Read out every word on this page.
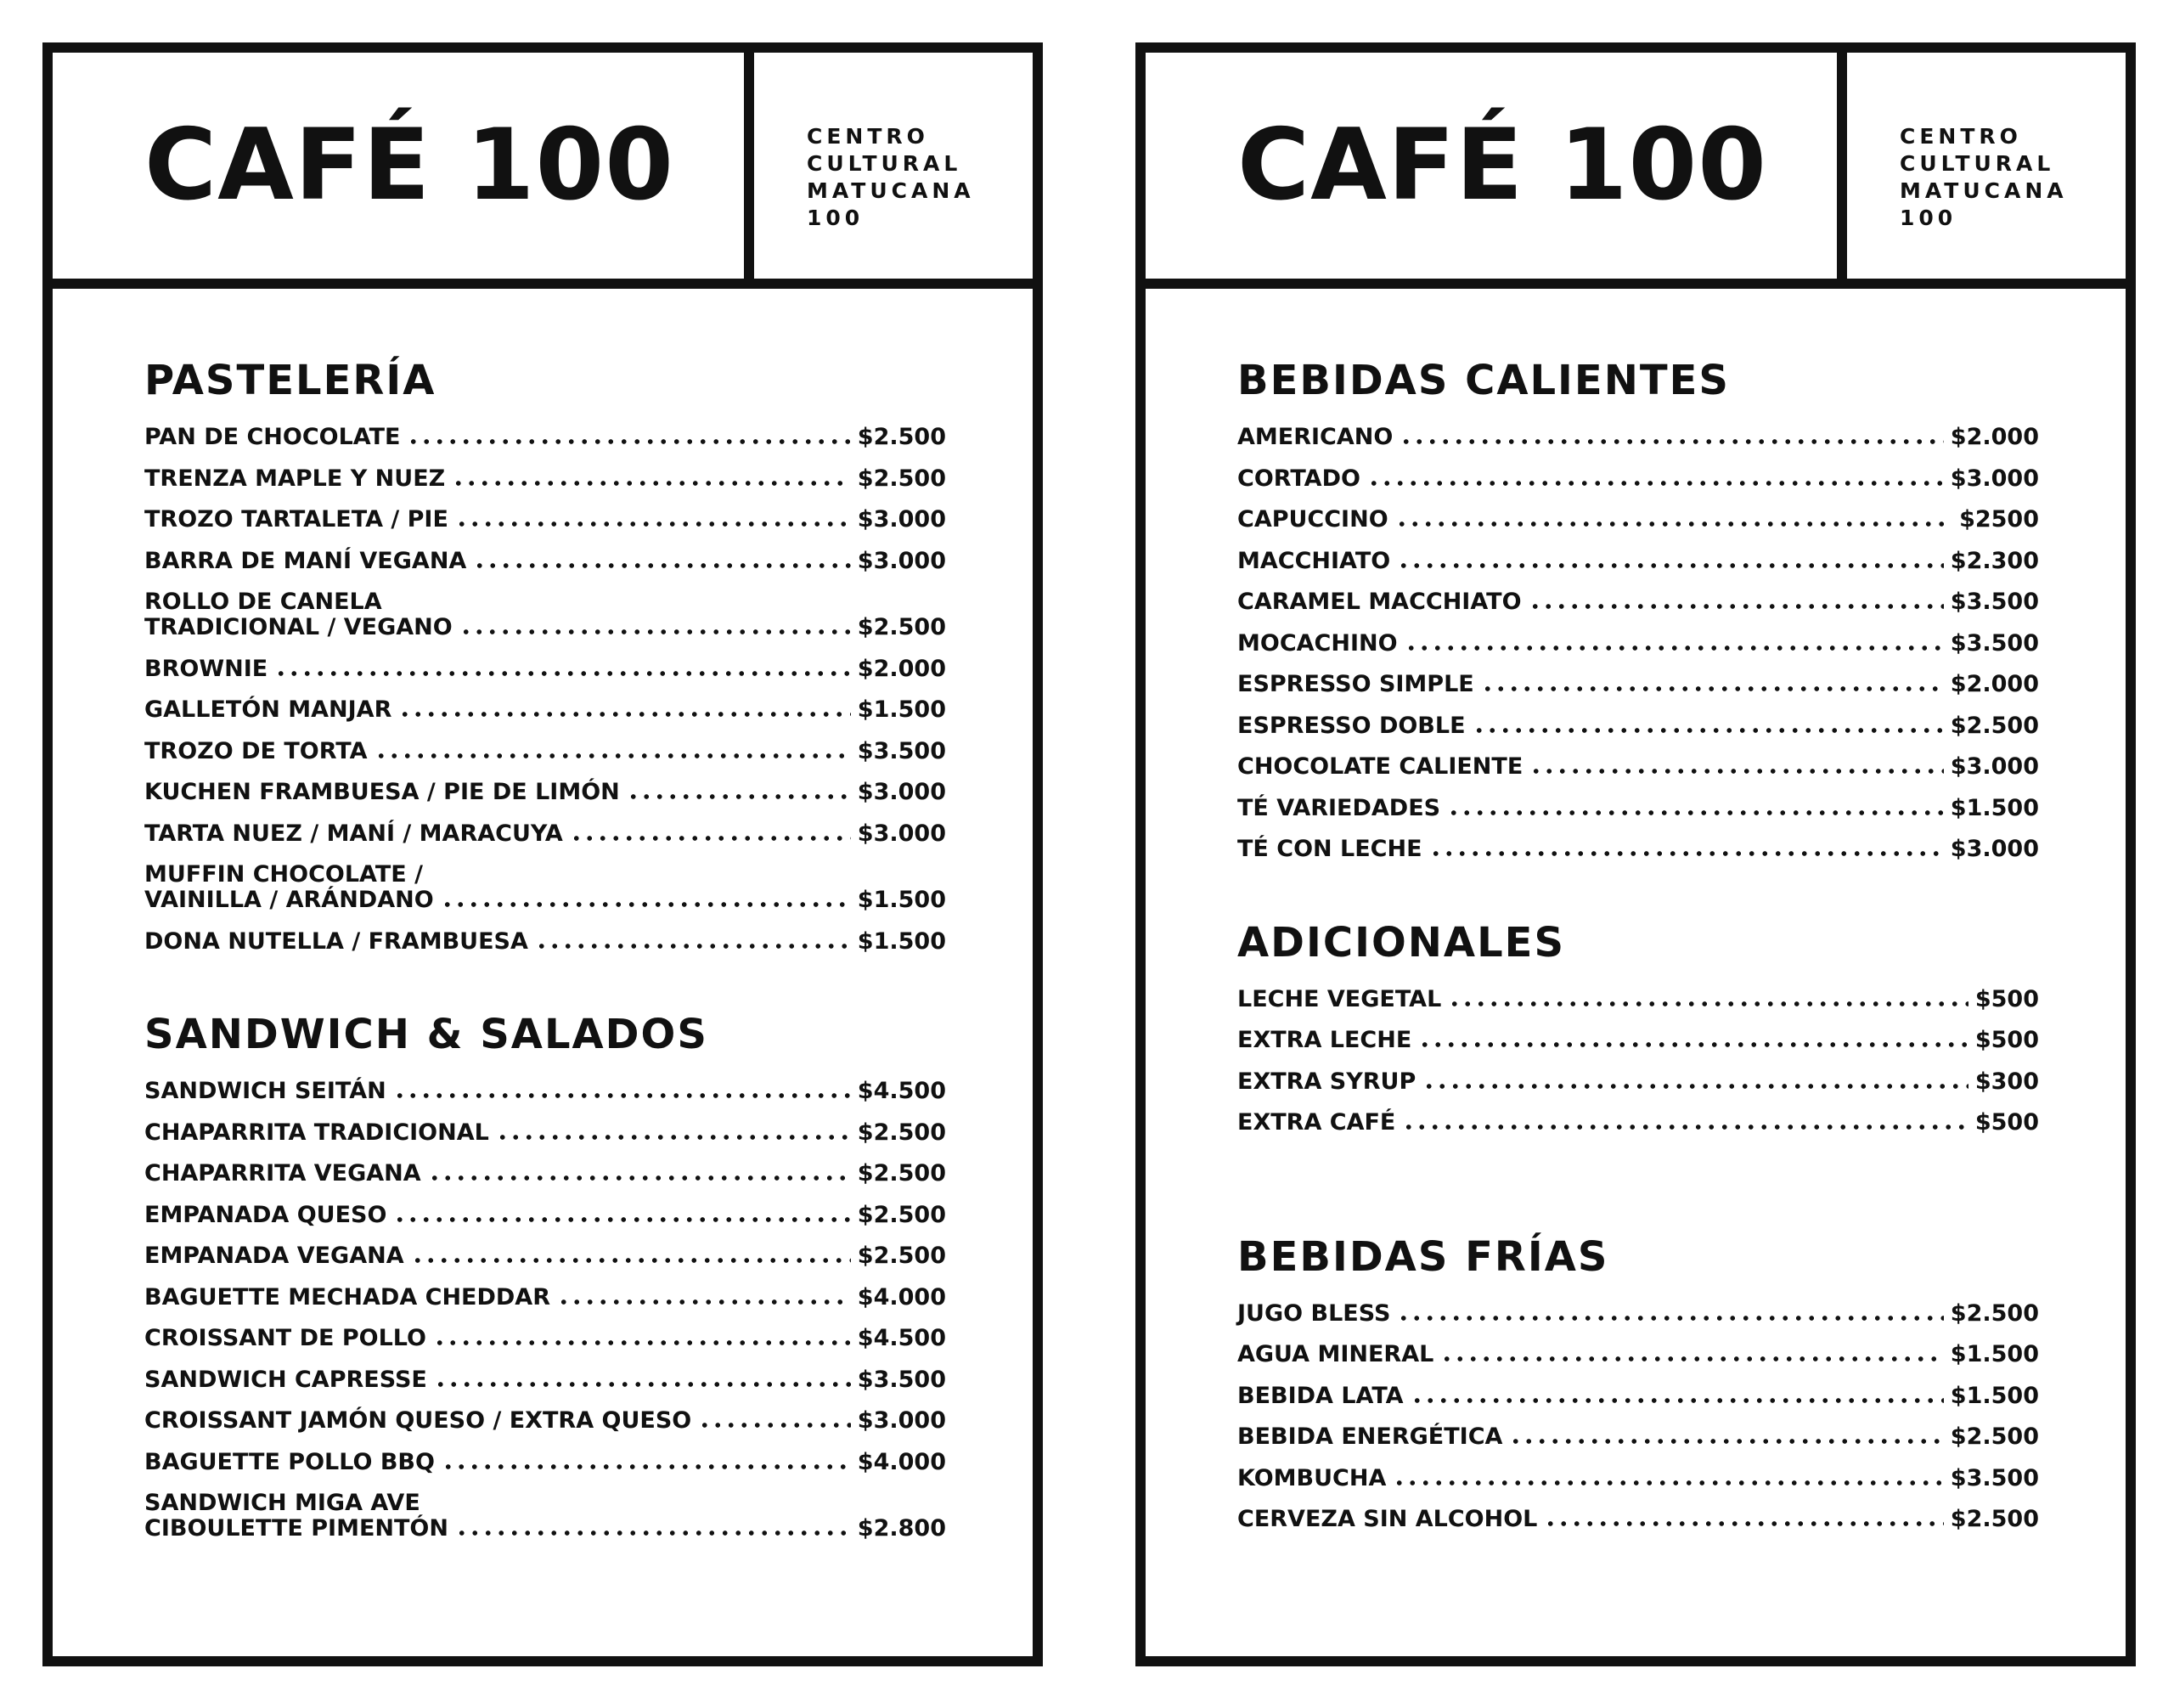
CAFÉ 100	CENTRO
CULTURAL
MATUCANA
100
PASTELERÍA
PAN DE CHOCOLATE	$2.500
TRENZA MAPLE Y NUEZ	$2.500
TROZO TARTALETA / PIE	$3.000
BARRA DE MANÍ VEGANA	$3.000
ROLLO DE CANELA
TRADICIONAL / VEGANO	$2.500
BROWNIE	$2.000
GALLETÓN MANJAR	$1.500
TROZO DE TORTA	$3.500
KUCHEN FRAMBUESA / PIE DE LIMÓN	$3.000
TARTA NUEZ / MANÍ / MARACUYA	$3.000
MUFFIN CHOCOLATE /
VAINILLA / ARÁNDANO	$1.500
DONA NUTELLA / FRAMBUESA	$1.500
SANDWICH & SALADOS
SANDWICH SEITÁN	$4.500
CHAPARRITA TRADICIONAL	$2.500
CHAPARRITA VEGANA	$2.500
EMPANADA QUESO	$2.500
EMPANADA VEGANA	$2.500
BAGUETTE MECHADA CHEDDAR	$4.000
CROISSANT DE POLLO	$4.500
SANDWICH CAPRESSE	$3.500
CROISSANT JAMÓN QUESO / EXTRA QUESO	$3.000
BAGUETTE POLLO BBQ	$4.000
SANDWICH MIGA AVE
CIBOULETTE PIMENTÓN	$2.800
CAFÉ 100	CENTRO
CULTURAL
MATUCANA
100
BEBIDAS CALIENTES
AMERICANO	$2.000
CORTADO	$3.000
CAPUCCINO	$2500
MACCHIATO	$2.300
CARAMEL MACCHIATO	$3.500
MOCACHINO	$3.500
ESPRESSO SIMPLE	$2.000
ESPRESSO DOBLE	$2.500
CHOCOLATE CALIENTE	$3.000
TÉ VARIEDADES	$1.500
TÉ CON LECHE	$3.000
ADICIONALES
LECHE VEGETAL	$500
EXTRA LECHE	$500
EXTRA SYRUP	$300
EXTRA CAFÉ	$500
BEBIDAS FRÍAS
JUGO BLESS	$2.500
AGUA MINERAL	$1.500
BEBIDA LATA	$1.500
BEBIDA ENERGÉTICA	$2.500
KOMBUCHA	$3.500
CERVEZA SIN ALCOHOL	$2.500
